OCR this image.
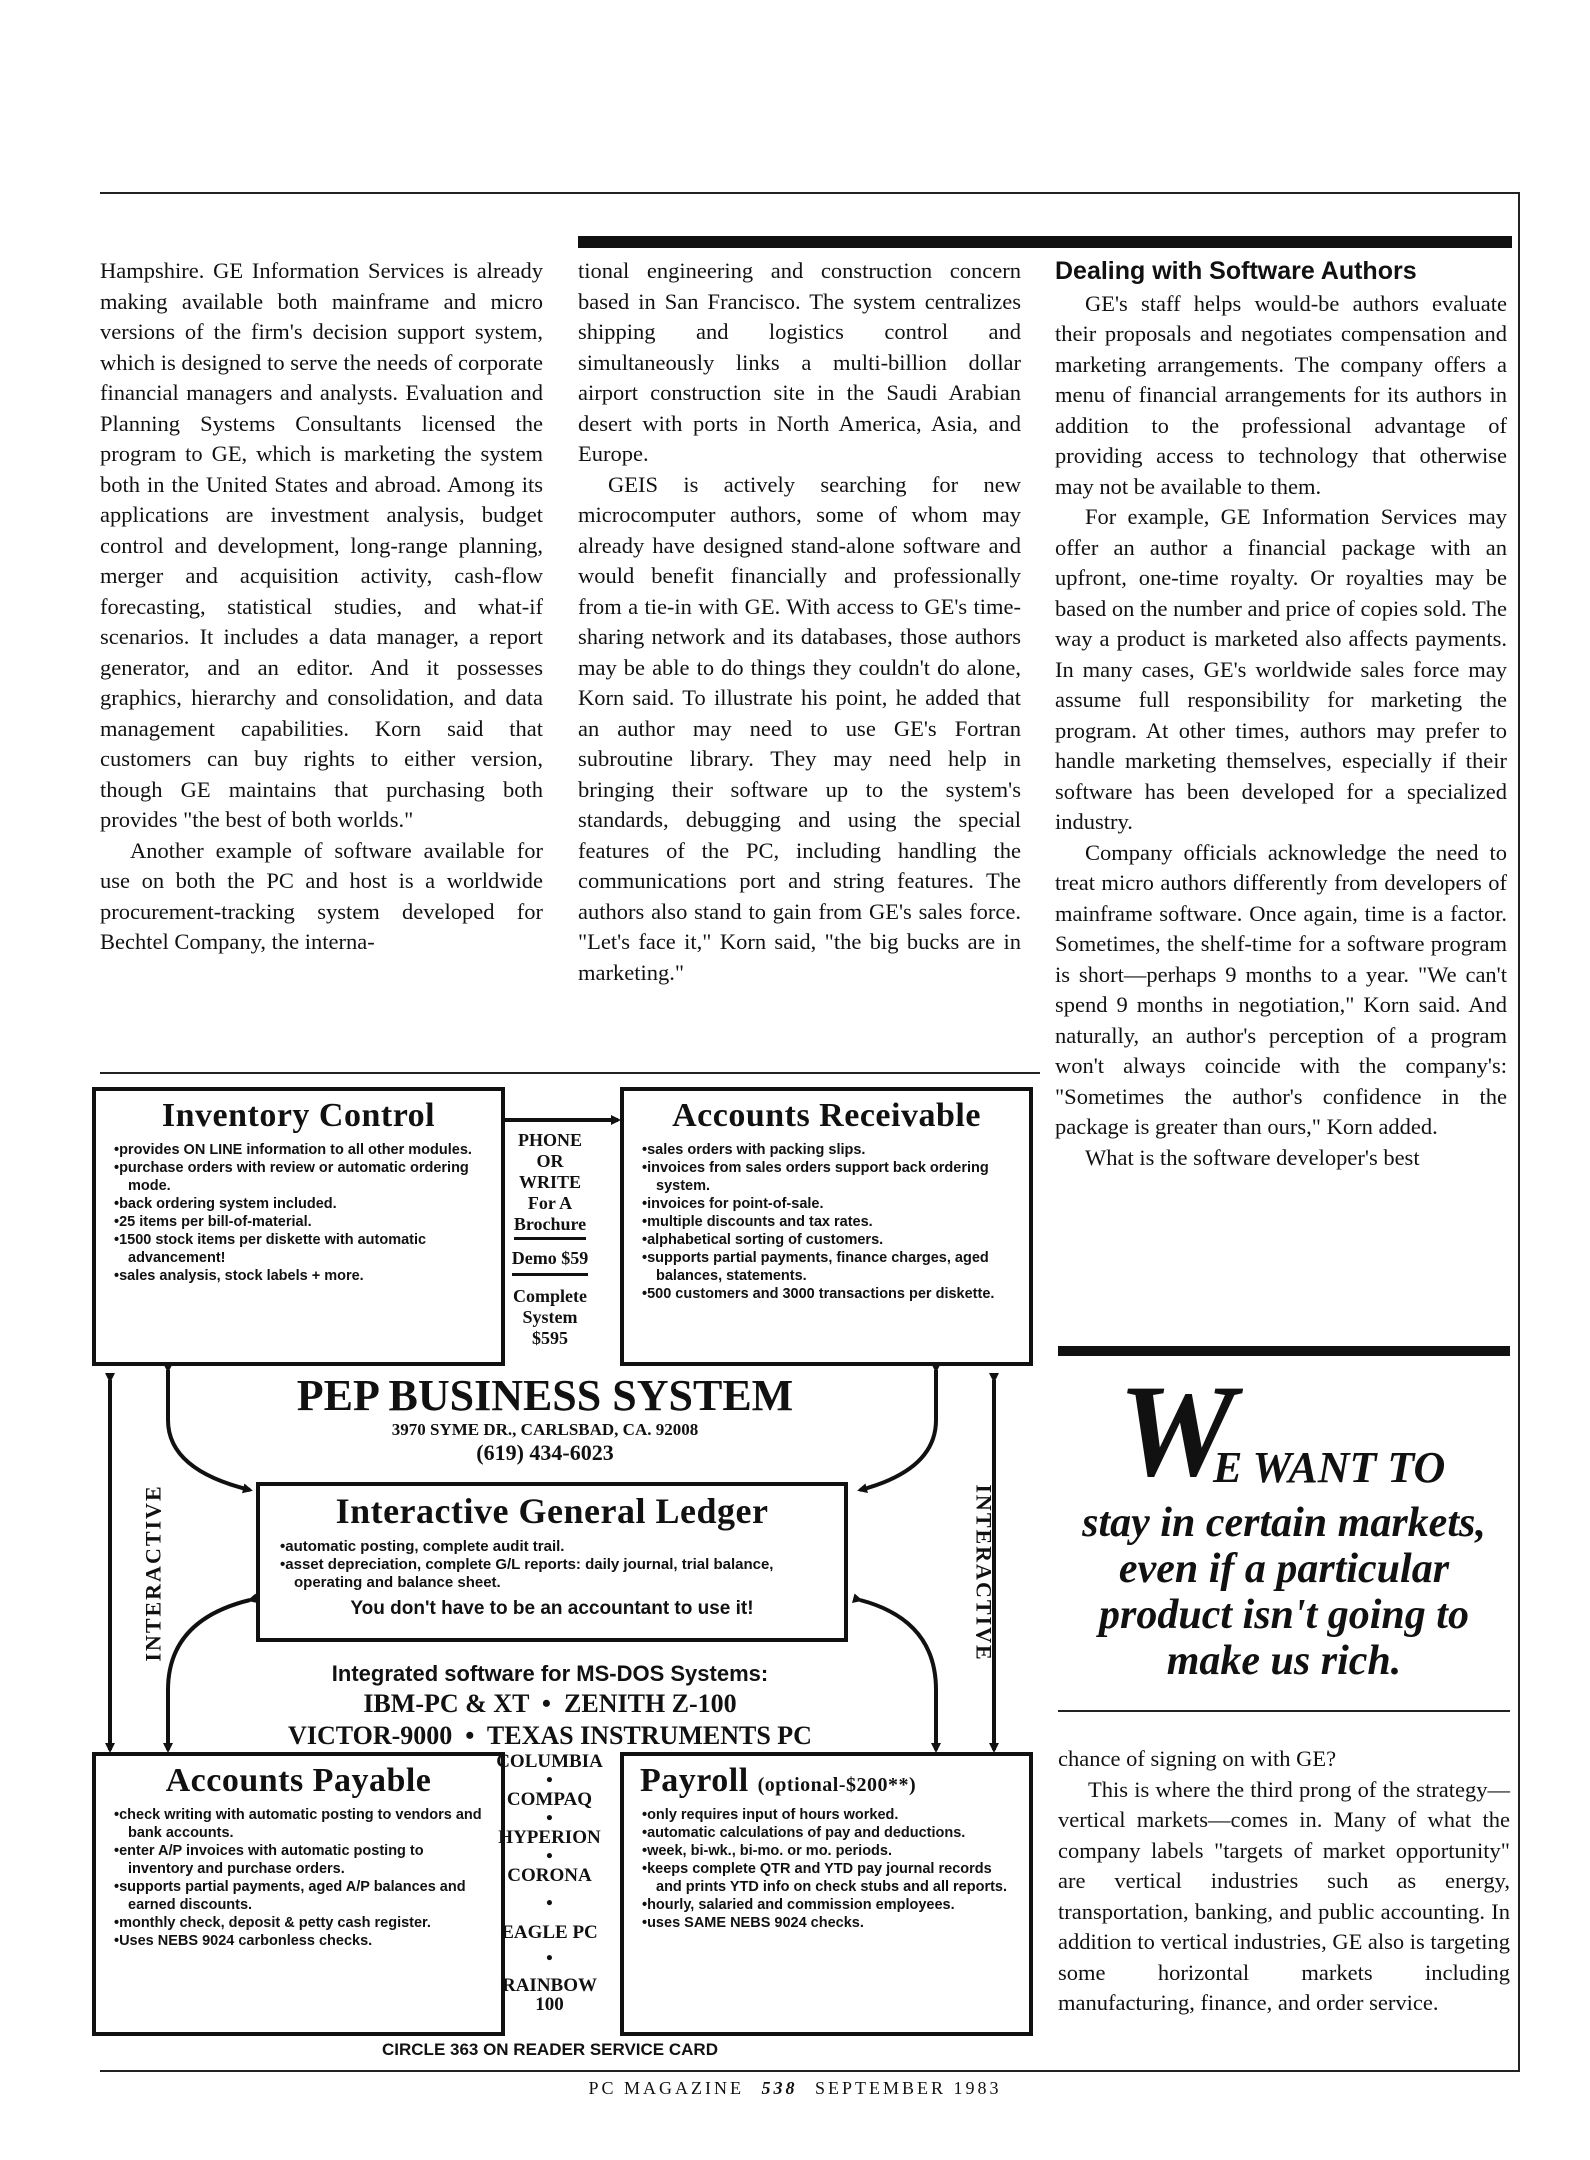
Hampshire. GE Information Services is already making available both mainframe and micro versions of the firm's decision support system, which is designed to serve the needs of corporate financial managers and analysts. Evaluation and Planning Systems Consultants licensed the program to GE, which is marketing the system both in the United States and abroad. Among its applications are investment analysis, budget control and development, long-range planning, merger and acquisition activity, cash-flow forecasting, statistical studies, and what-if scenarios. It includes a data manager, a report generator, and an editor. And it possesses graphics, hierarchy and consolidation, and data management capabilities. Korn said that customers can buy rights to either version, though GE maintains that purchasing both provides "the best of both worlds."

Another example of software available for use on both the PC and host is a worldwide procurement-tracking system developed for Bechtel Company, the interna-

tional engineering and construction concern based in San Francisco. The system centralizes shipping and logistics control and simultaneously links a multi-billion dollar airport construction site in the Saudi Arabian desert with ports in North America, Asia, and Europe.

GEIS is actively searching for new microcomputer authors, some of whom may already have designed stand-alone software and would benefit financially and professionally from a tie-in with GE. With access to GE's time-sharing network and its databases, those authors may be able to do things they couldn't do alone, Korn said. To illustrate his point, he added that an author may need to use GE's Fortran subroutine library. They may need help in bringing their software up to the system's standards, debugging and using the special features of the PC, including handling the communications port and string features. The authors also stand to gain from GE's sales force. "Let's face it," Korn said, "the big bucks are in marketing."

Dealing with Software Authors

GE's staff helps would-be authors evaluate their proposals and negotiates compensation and marketing arrangements. The company offers a menu of financial arrangements for its authors in addition to the professional advantage of providing access to technology that otherwise may not be available to them.

For example, GE Information Services may offer an author a financial package with an upfront, one-time royalty. Or royalties may be based on the number and price of copies sold. The way a product is marketed also affects payments. In many cases, GE's worldwide sales force may assume full responsibility for marketing the program. At other times, authors may prefer to handle marketing themselves, especially if their software has been developed for a specialized industry.

Company officials acknowledge the need to treat micro authors differently from developers of mainframe software. Once again, time is a factor. Sometimes, the shelf-time for a software program is short—perhaps 9 months to a year. "We can't spend 9 months in negotiation," Korn said. And naturally, an author's perception of a program won't always coincide with the company's: "Sometimes the author's confidence in the package is greater than ours," Korn added.

What is the software developer's best

W
E WANT TO
stay in certain markets,
even if a particular
product isn't going to
make us rich.

chance of signing on with GE?

This is where the third prong of the strategy—vertical markets—comes in. Many of what the company labels "targets of market opportunity" are vertical industries such as energy, transportation, banking, and public accounting. In addition to vertical industries, GE also is targeting some horizontal markets including manufacturing, finance, and order service.

Inventory Control
• provides ON LINE information to all other modules.
• purchase orders with review or automatic ordering mode.
• back ordering system included.
• 25 items per bill-of-material.
• 1500 stock items per diskette with automatic advancement!
• sales analysis, stock labels + more.
PHONE
OR
WRITE
For A
Brochure Demo $59
Complete
System
$595
Accounts Receivable
• sales orders with packing slips.
• invoices from sales orders support back ordering system.
• invoices for point-of-sale.
• multiple discounts and tax rates.
• alphabetical sorting of customers.
• supports partial payments, finance charges, aged balances, statements.
• 500 customers and 3000 transactions per diskette.
PEP BUSINESS SYSTEM
3970 SYME DR., CARLSBAD, CA. 92008
(619) 434-6023
Interactive General Ledger
• automatic posting, complete audit trail.
• asset depreciation, complete G/L reports: daily journal, trial balance, operating and balance sheet.
You don't have to be an accountant to use it!
INTERACTIVE	INTERACTIVE
Integrated software for MS-DOS Systems:
IBM-PC & XT  •  ZENITH Z-100
VICTOR-9000  •  TEXAS INSTRUMENTS PC
Accounts Payable
• check writing with automatic posting to vendors and bank accounts.
• enter A/P invoices with automatic posting to inventory and purchase orders.
• supports partial payments, aged A/P balances and earned discounts.
• monthly check, deposit & petty cash register.
• Uses NEBS 9024 carbonless checks.
COLUMBIA
•
COMPAQ
•
HYPERION
•
CORONA
•
EAGLE PC
•
RAINBOW
100
Payroll (optional-$200**)
• only requires input of hours worked.
• automatic calculations of pay and deductions.
• week, bi-wk., bi-mo. or mo. periods.
• keeps complete QTR and YTD pay journal records and prints YTD info on check stubs and all reports.
• hourly, salaried and commission employees.
• uses SAME NEBS 9024 checks.
CIRCLE 363 ON READER SERVICE CARD
PC MAGAZINE 538 SEPTEMBER 1983
